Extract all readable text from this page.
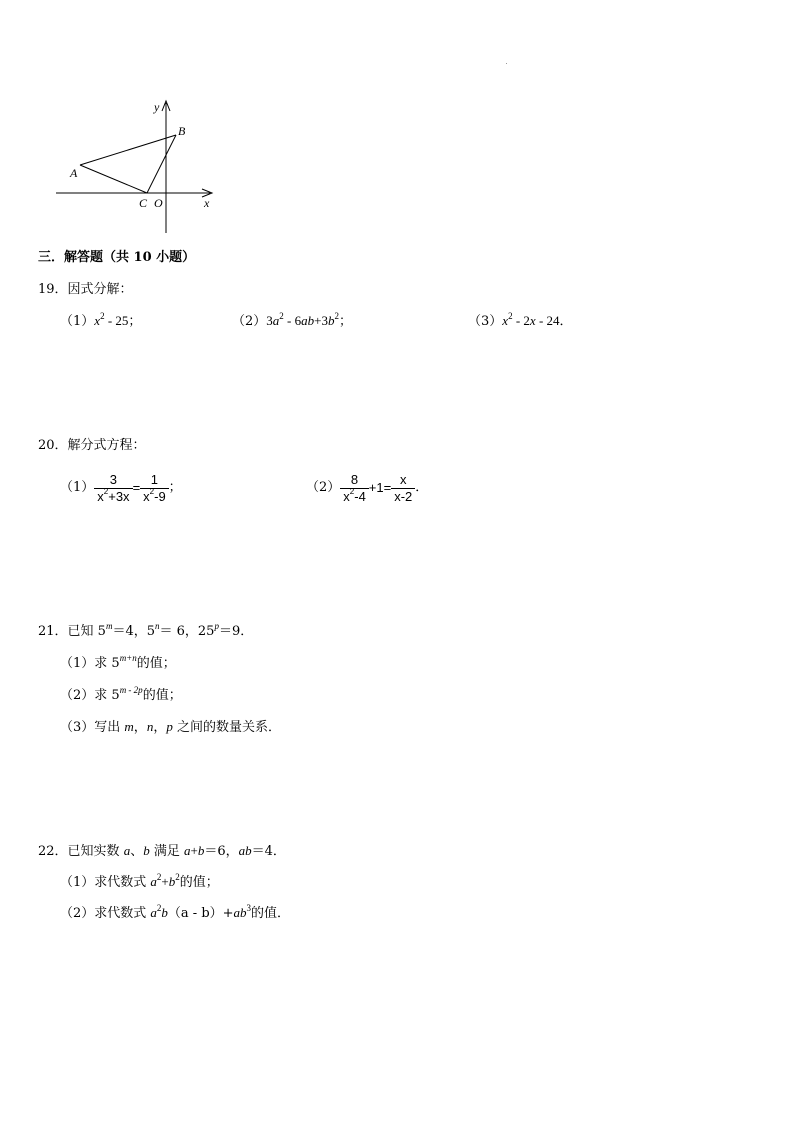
y
B
A
C O	x
三．解答题（共 10 小题）
19．因式分解：
$(1)x^2 - 25$；	$(2)3a^2 - 6ab+3b^2$；	$(3)x^2 - 2x - 24$．
20．解分式方程：
$(1) \frac{3}{x^2+3x} = \frac{1}{x^2-9}$ ；	$(2) \frac{8}{x^2-4} +1= \frac{x}{x-2}$ ．
21．已知 $5^m=4$，$5^n= 6$，$25^p=9$．
（1）求 $5^{m+n}$的值；
（2）求 $5^{m - 2p}$的值；
（3）写出 m，n，p 之间的数量关系．
22．已知实数 a、b 满足 a+b＝6，ab＝4．
（1）求代数式 $a^2+b^2$的值；
（2）求代数式 $a^2b(a - b)+ab^3$的值．
